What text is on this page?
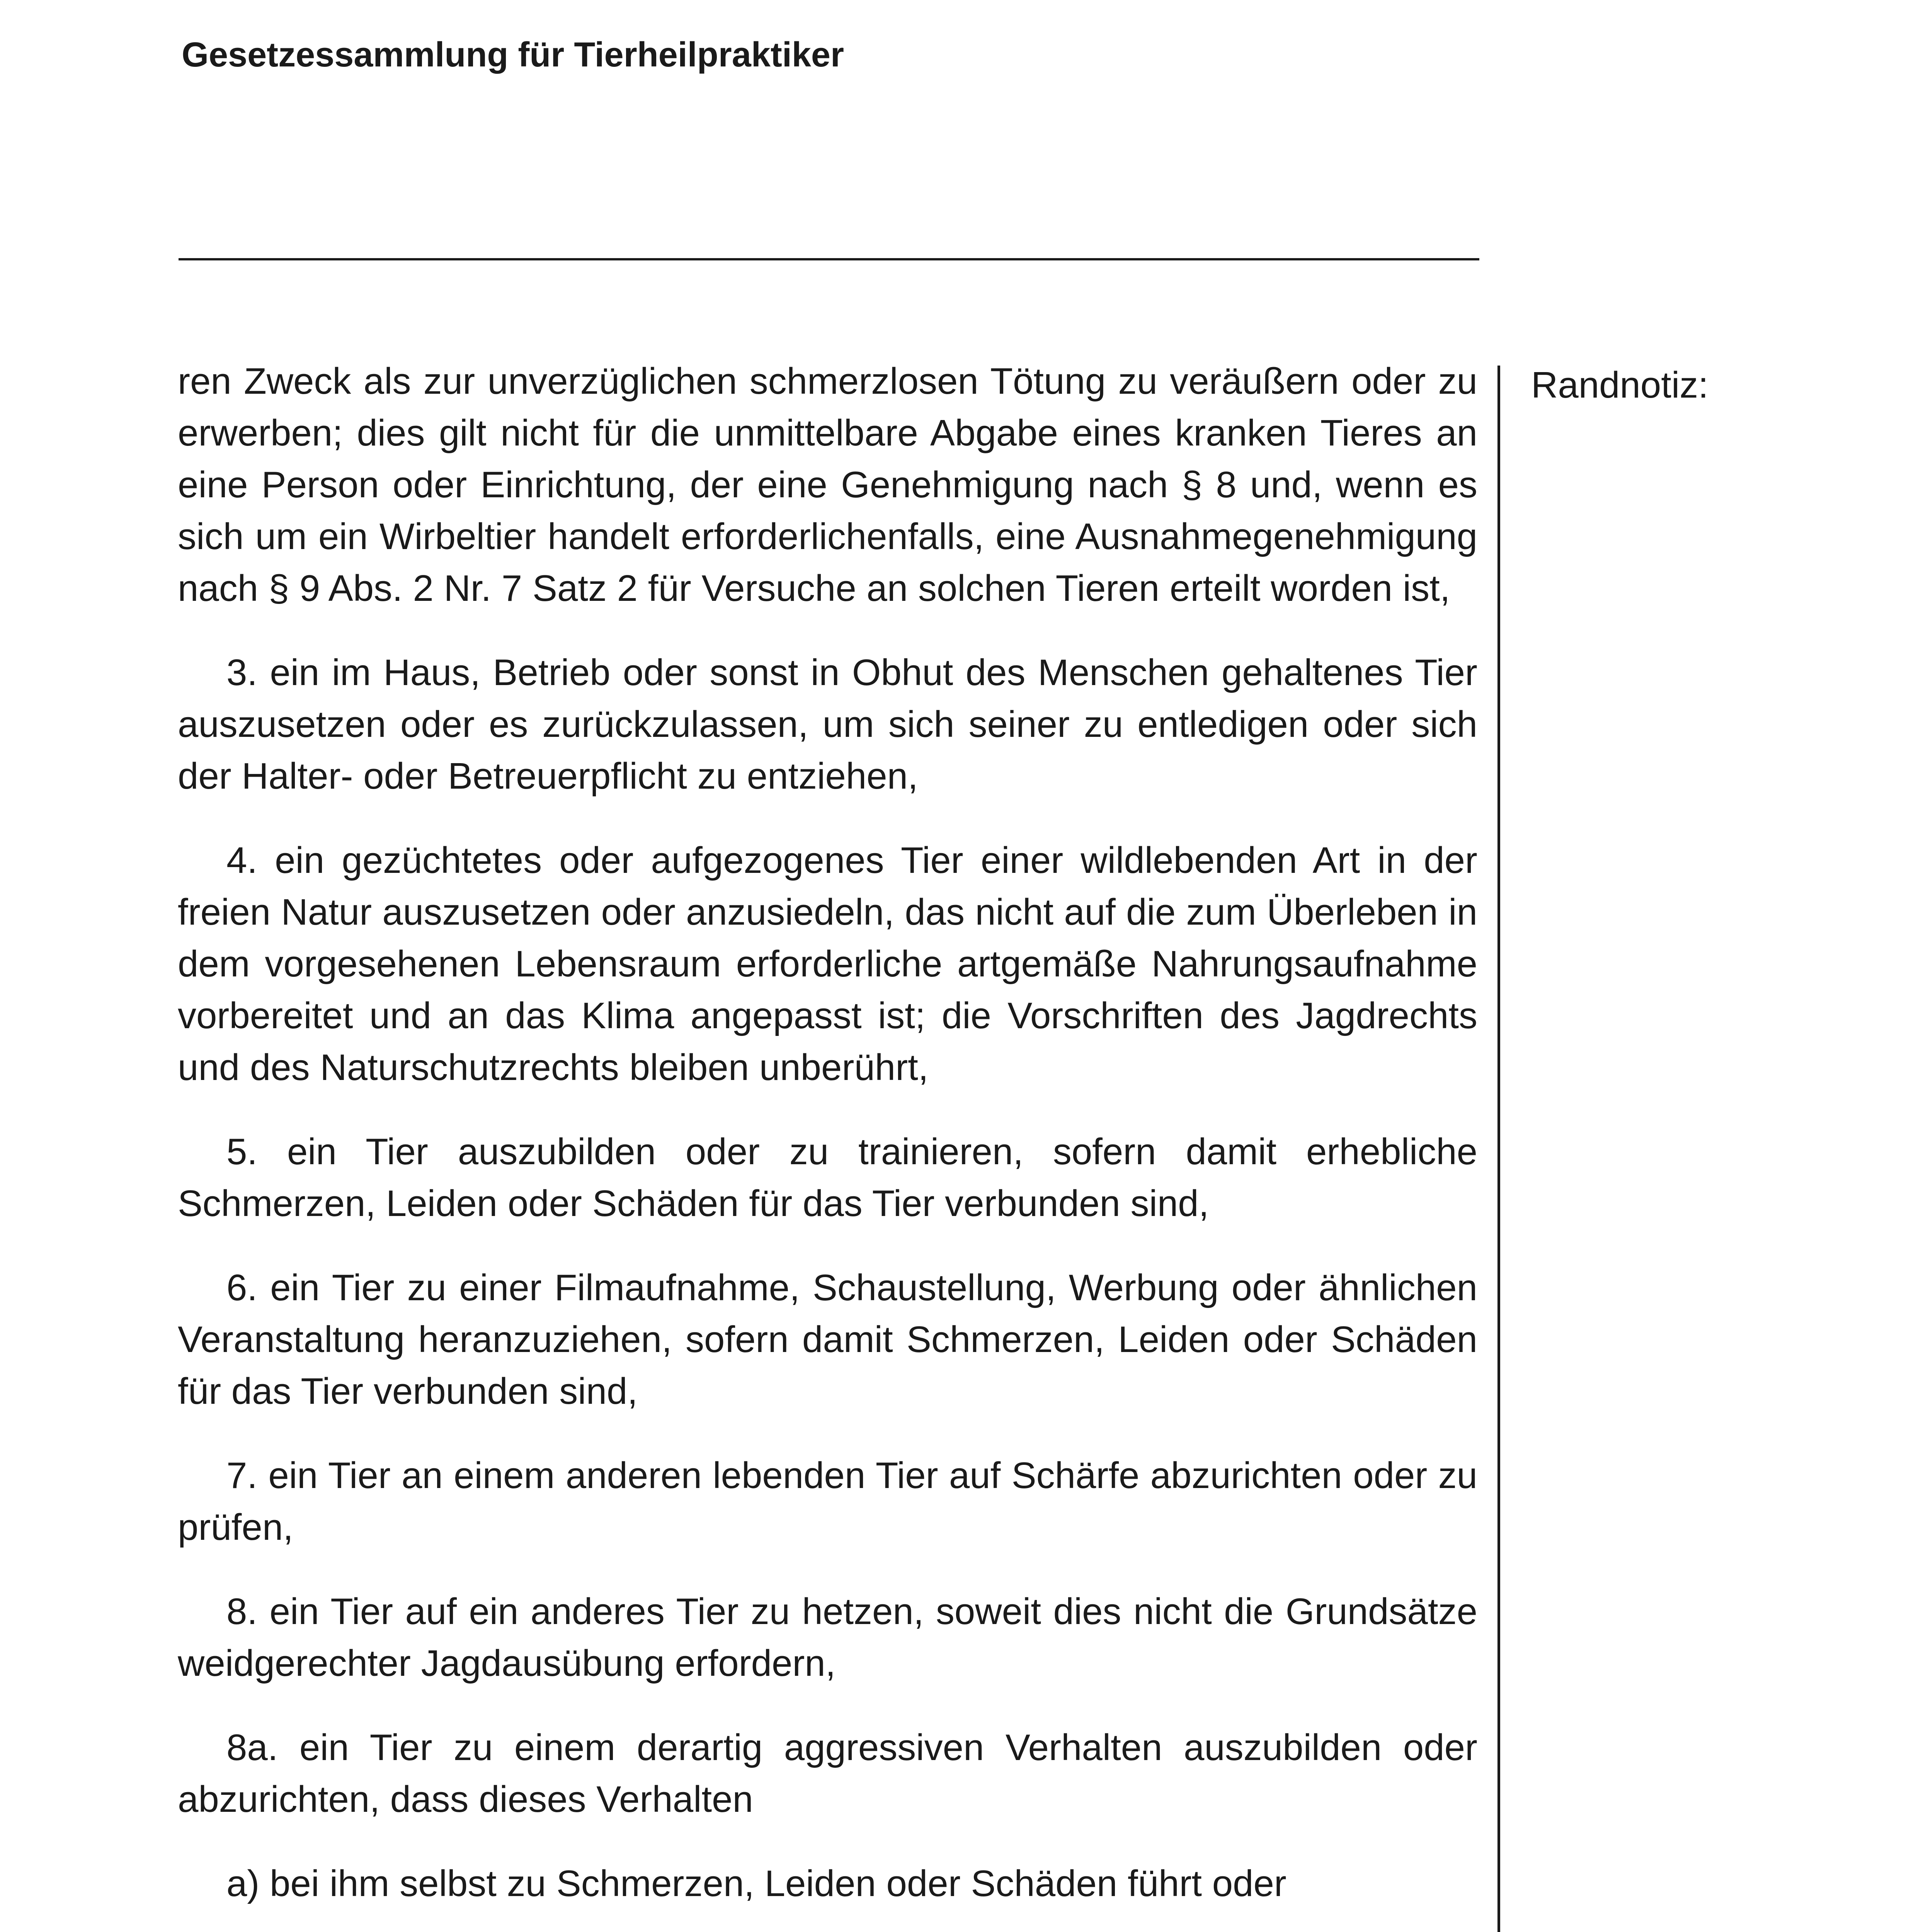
Gesetzessammlung für Tierheilpraktiker

ren Zweck als zur unverzüglichen schmerzlosen Tötung zu veräußern oder zu erwerben; dies gilt nicht für die unmittelbare Abgabe eines kranken Tieres an eine Person oder Einrichtung, der eine Genehmigung nach § 8 und, wenn es sich um ein Wirbeltier handelt erforderlichenfalls, eine Ausnahmegenehmigung nach § 9 Abs. 2 Nr. 7 Satz 2 für Versuche an solchen Tieren erteilt worden ist,

3. ein im Haus, Betrieb oder sonst in Obhut des Menschen gehaltenes Tier auszusetzen oder es zurückzulassen, um sich seiner zu entledigen oder sich der Halter- oder Betreuerpflicht zu entziehen,

4. ein gezüchtetes oder aufgezogenes Tier einer wildlebenden Art in der freien Natur auszusetzen oder anzusiedeln, das nicht auf die zum Überleben in dem vorgesehenen Lebensraum erforderliche artgemäße Nahrungsaufnahme vorbereitet und an das Klima angepasst ist; die Vorschriften des Jagdrechts und des Naturschutzrechts bleiben unberührt,

5. ein Tier auszubilden oder zu trainieren, sofern damit erhebliche Schmerzen, Leiden oder Schäden für das Tier verbunden sind,

6. ein Tier zu einer Filmaufnahme, Schaustellung, Werbung oder ähnlichen Veranstaltung heranzuziehen, sofern damit Schmerzen, Leiden oder Schäden für das Tier verbunden sind,

7. ein Tier an einem anderen lebenden Tier auf Schärfe abzurichten oder zu prüfen,

8. ein Tier auf ein anderes Tier zu hetzen, soweit dies nicht die Grundsätze weidgerechter Jagdausübung erfordern,

8a. ein Tier zu einem derartig aggressiven Verhalten auszubilden oder abzurichten, dass dieses Verhalten

a) bei ihm selbst zu Schmerzen, Leiden oder Schäden führt oder

Randnotiz:
